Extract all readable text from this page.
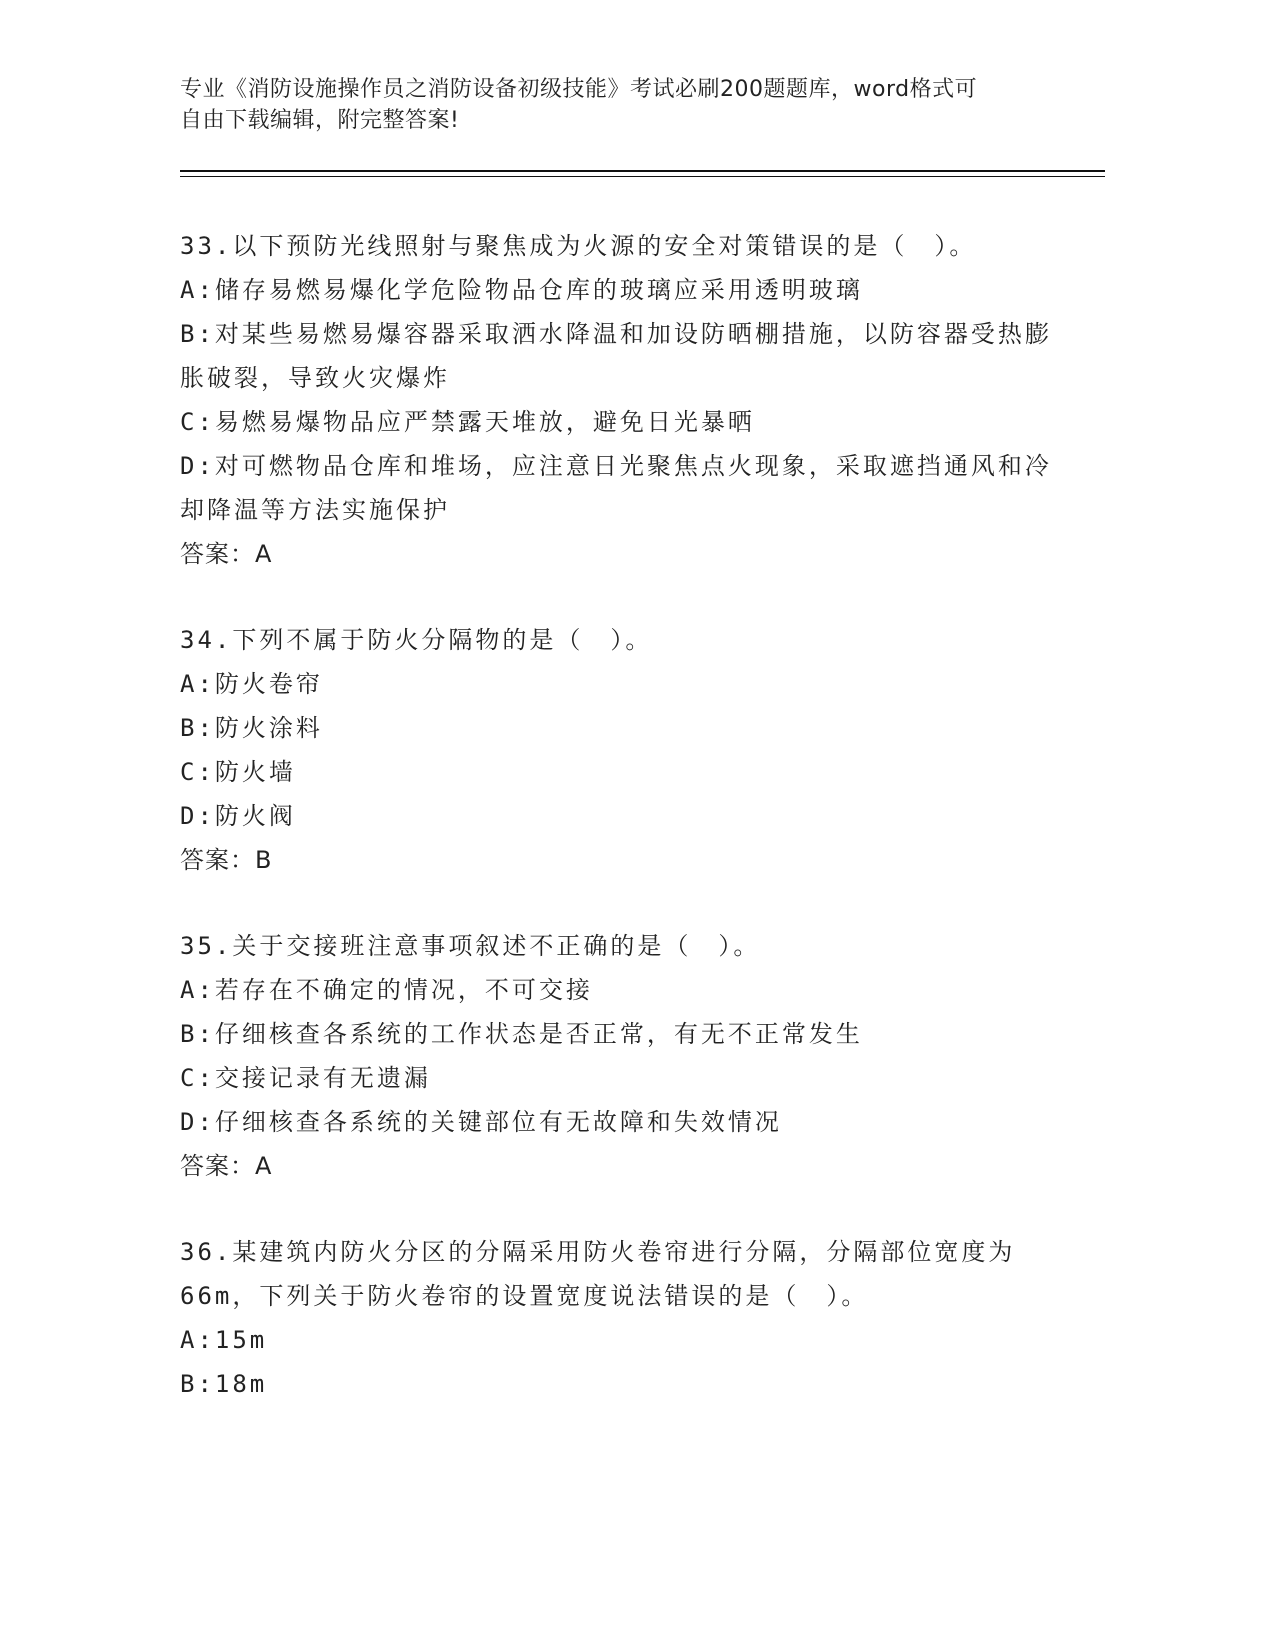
专业《消防设施操作员之消防设备初级技能》考试必刷200题题库，word格式可
自由下载编辑，附完整答案!
33.以下预防光线照射与聚焦成为火源的安全对策错误的是（　）。
A:储存易燃易爆化学危险物品仓库的玻璃应采用透明玻璃
B:对某些易燃易爆容器采取洒水降温和加设防晒棚措施，以防容器受热膨胀破裂，导致火灾爆炸
C:易燃易爆物品应严禁露天堆放，避免日光暴晒
D:对可燃物品仓库和堆场，应注意日光聚焦点火现象，采取遮挡通风和冷却降温等方法实施保护
答案：A
34.下列不属于防火分隔物的是（　）。
A:防火卷帘
B:防火涂料
C:防火墙
D:防火阀
答案：B
35.关于交接班注意事项叙述不正确的是（　）。
A:若存在不确定的情况，不可交接
B:仔细核查各系统的工作状态是否正常，有无不正常发生
C:交接记录有无遗漏
D:仔细核查各系统的关键部位有无故障和失效情况
答案：A
36.某建筑内防火分区的分隔采用防火卷帘进行分隔，分隔部位宽度为66m，下列关于防火卷帘的设置宽度说法错误的是（　）。
A:15m
B:18m
